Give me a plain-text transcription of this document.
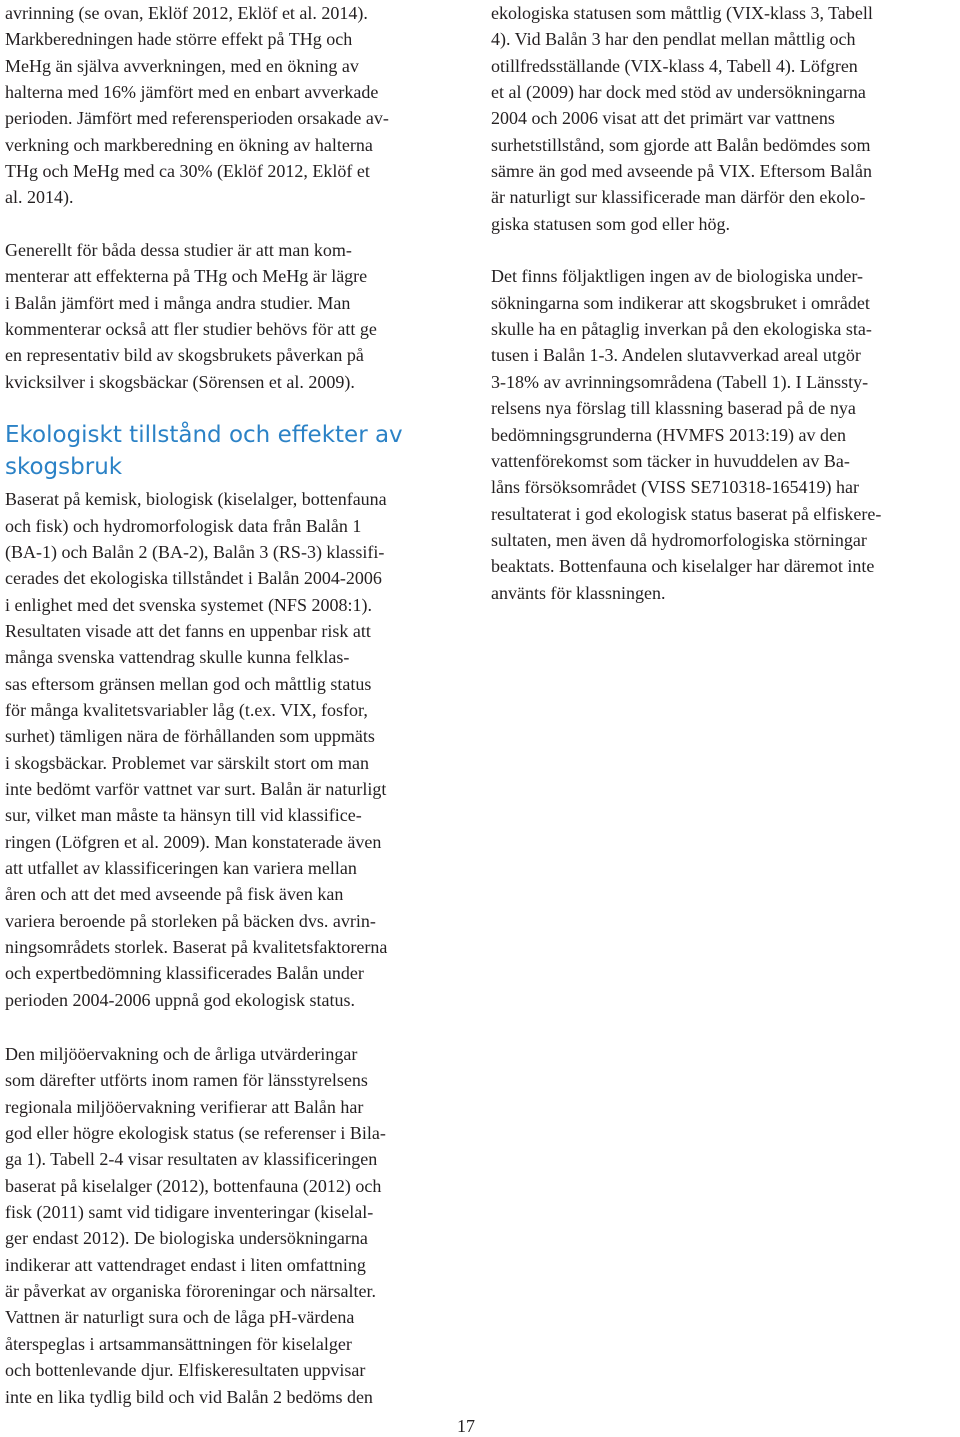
avrinning (se ovan, Eklöf 2012, Eklöf et al. 2014).
Markberedningen hade större effekt på THg och
MeHg än själva avverkningen, med en ökning av
halterna med 16% jämfört med en enbart avverkade
perioden. Jämfört med referensperioden orsakade av-
verkning och markberedning en ökning av halterna
THg och MeHg med ca 30% (Eklöf 2012, Eklöf et
al. 2014).
Generellt för båda dessa studier är att man kom-
menterar att effekterna på THg och MeHg är lägre
i Balån jämfört med i många andra studier. Man
kommenterar också att fler studier behövs för att ge
en representativ bild av skogsbrukets påverkan på
kvicksilver i skogsbäckar (Sörensen et al. 2009).
Ekologiskt tillstånd och effekter av
skogsbruk
Baserat på kemisk, biologisk (kiselalger, bottenfauna
och fisk) och hydromorfologisk data från Balån 1
(BA-1) och Balån 2 (BA-2), Balån 3 (RS-3) klassifi-
cerades det ekologiska tillståndet i Balån 2004-2006
i enlighet med det svenska systemet (NFS 2008:1).
Resultaten visade att det fanns en uppenbar risk att
många svenska vattendrag skulle kunna felklas-
sas eftersom gränsen mellan god och måttlig status
för många kvalitetsvariabler låg (t.ex. VIX, fosfor,
surhet) tämligen nära de förhållanden som uppmäts
i skogsbäckar. Problemet var särskilt stort om man
inte bedömt varför vattnet var surt. Balån är naturligt
sur, vilket man måste ta hänsyn till vid klassifice-
ringen (Löfgren et al. 2009). Man konstaterade även
att utfallet av klassificeringen kan variera mellan
åren och att det med avseende på fisk även kan
variera beroende på storleken på bäcken dvs. avrin-
ningsområdets storlek. Baserat på kvalitetsfaktorerna
och expertbedömning klassificerades Balån under
perioden 2004-2006 uppnå god ekologisk status.
Den miljööervakning och de årliga utvärderingar
som därefter utförts inom ramen för länsstyrelsens
regionala miljööervakning verifierar att Balån har
god eller högre ekologisk status (se referenser i Bila-
ga 1). Tabell 2-4 visar resultaten av klassificeringen
baserat på kiselalger (2012), bottenfauna (2012) och
fisk (2011) samt vid tidigare inventeringar (kiselal-
ger endast 2012). De biologiska undersökningarna
indikerar att vattendraget endast i liten omfattning
är påverkat av organiska föroreningar och närsalter.
Vattnen är naturligt sura och de låga pH-värdena
återspeglas i artsammansättningen för kiselalger
och bottenlevande djur. Elfiskeresultaten uppvisar
inte en lika tydlig bild och vid Balån 2 bedöms den
ekologiska statusen som måttlig (VIX-klass 3, Tabell
4). Vid Balån 3 har den pendlat mellan måttlig och
otillfredsställande (VIX-klass 4, Tabell 4). Löfgren
et al (2009) har dock med stöd av undersökningarna
2004 och 2006 visat att det primärt var vattnens
surhetstillstånd, som gjorde att Balån bedömdes som
sämre än god med avseende på VIX. Eftersom Balån
är naturligt sur klassificerade man därför den ekolo-
giska statusen som god eller hög.
Det finns följaktligen ingen av de biologiska under-
sökningarna som indikerar att skogsbruket i området
skulle ha en påtaglig inverkan på den ekologiska sta-
tusen i Balån 1-3. Andelen slutavverkad areal utgör
3-18% av avrinningsområdena (Tabell 1). I Länssty-
relsens nya förslag till klassning baserad på de nya
bedömningsgrunderna (HVMFS 2013:19) av den
vattenförekomst som täcker in huvuddelen av Ba-
låns försöksområdet (VISS SE710318-165419) har
resultaterat i god ekologisk status baserat på elfiskere-
sultaten, men även då hydromorfologiska störningar
beaktats. Bottenfauna och kiselalger har däremot inte
använts för klassningen.
17
